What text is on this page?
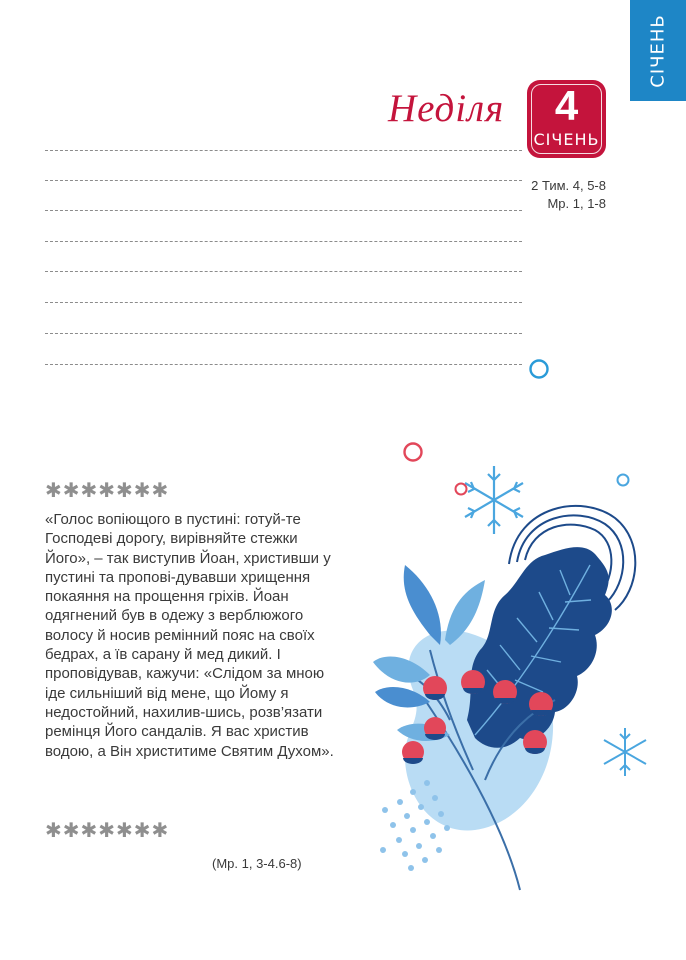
СІЧЕНЬ
Неділя	4
СІЧЕНЬ
2 Тим. 4, 5-8
Мр. 1, 1-8
✱✱✱✱✱✱✱

«Голос вопіющого в пустині: готуй-те Господеві дорогу, вирівняйте стежки Його», – так виступив Йоан, христивши у пустині та пропові-дувавши хрищення покаяння на прощення гріхів. Йоан одягнений був в одежу з верблюжого волосу й носив ремінний пояс на своїх бедрах, а їв сарану й мед дикий. І проповідував, кажучи: «Слідом за мною іде сильніший від мене, що Йому я недостойний, нахилив-шись, розв’язати ремінця Його сандалів. Я вас христив водою, а Він христитиме Святим Духом».

✱✱✱✱✱✱✱
(Мр. 1, 3-4.6-8)
